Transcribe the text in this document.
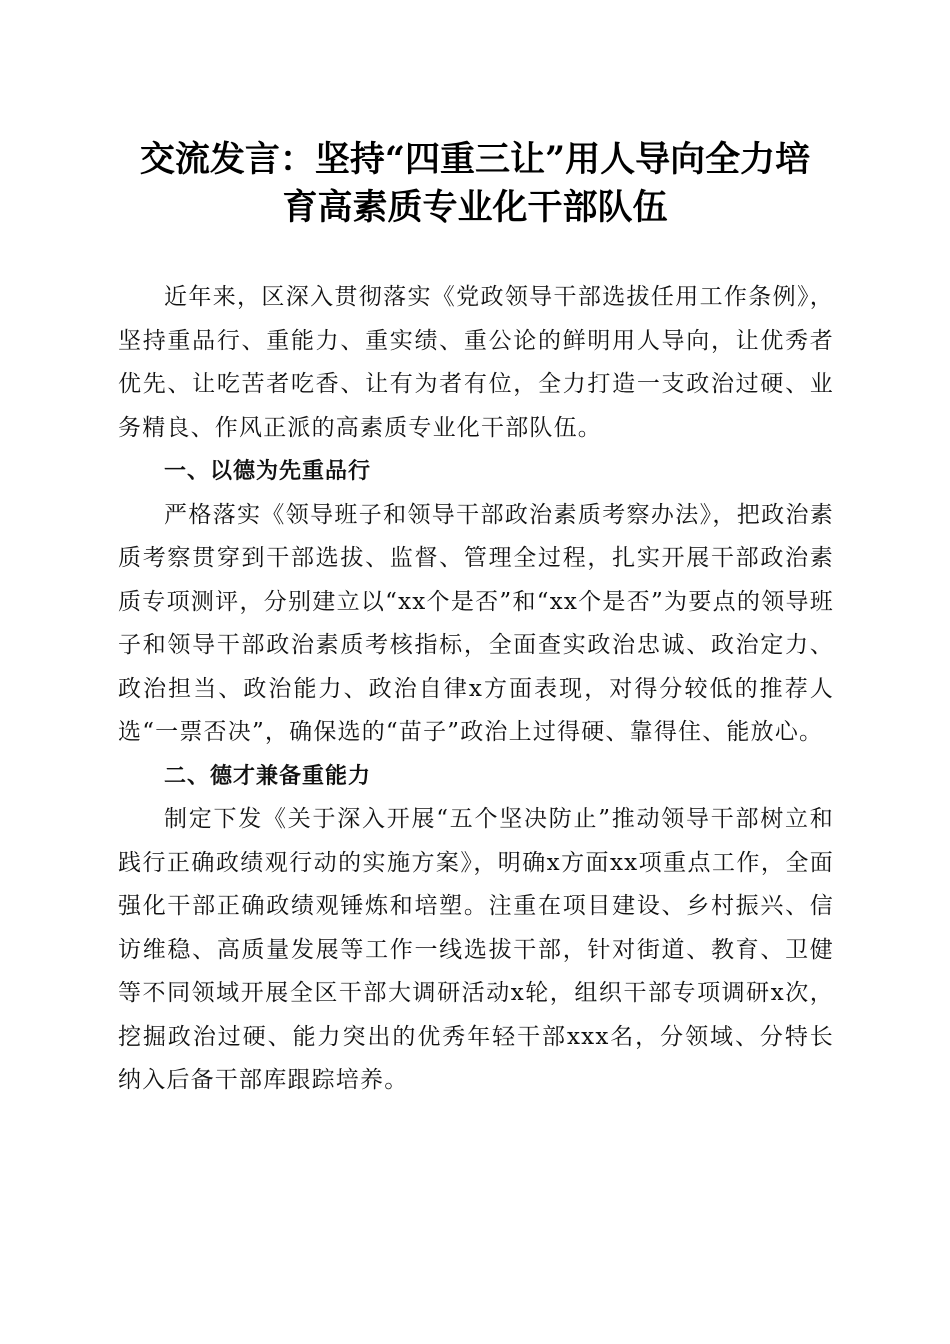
交流发言：坚持“四重三让”用人导向全力培
育高素质专业化干部队伍

近年来，区深入贯彻落实《党政领导干部选拔任用工作条例》，坚持重品行、重能力、重实绩、重公论的鲜明用人导向，让优秀者优先、让吃苦者吃香、让有为者有位，全力打造一支政治过硬、业务精良、作风正派的高素质专业化干部队伍。

一、以德为先重品行

严格落实《领导班子和领导干部政治素质考察办法》，把政治素质考察贯穿到干部选拔、监督、管理全过程，扎实开展干部政治素质专项测评，分别建立以“xx个是否”和“xx个是否”为要点的领导班子和领导干部政治素质考核指标，全面查实政治忠诚、政治定力、政治担当、政治能力、政治自律x方面表现，对得分较低的推荐人选“一票否决”，确保选的“苗子”政治上过得硬、靠得住、能放心。

二、德才兼备重能力

制定下发《关于深入开展“五个坚决防止”推动领导干部树立和践行正确政绩观行动的实施方案》，明确x方面xx项重点工作，全面强化干部正确政绩观锤炼和培塑。注重在项目建设、乡村振兴、信访维稳、高质量发展等工作一线选拔干部，针对街道、教育、卫健等不同领域开展全区干部大调研活动x轮，组织干部专项调研x次，挖掘政治过硬、能力突出的优秀年轻干部xxx名，分领域、分特长纳入后备干部库跟踪培养。
